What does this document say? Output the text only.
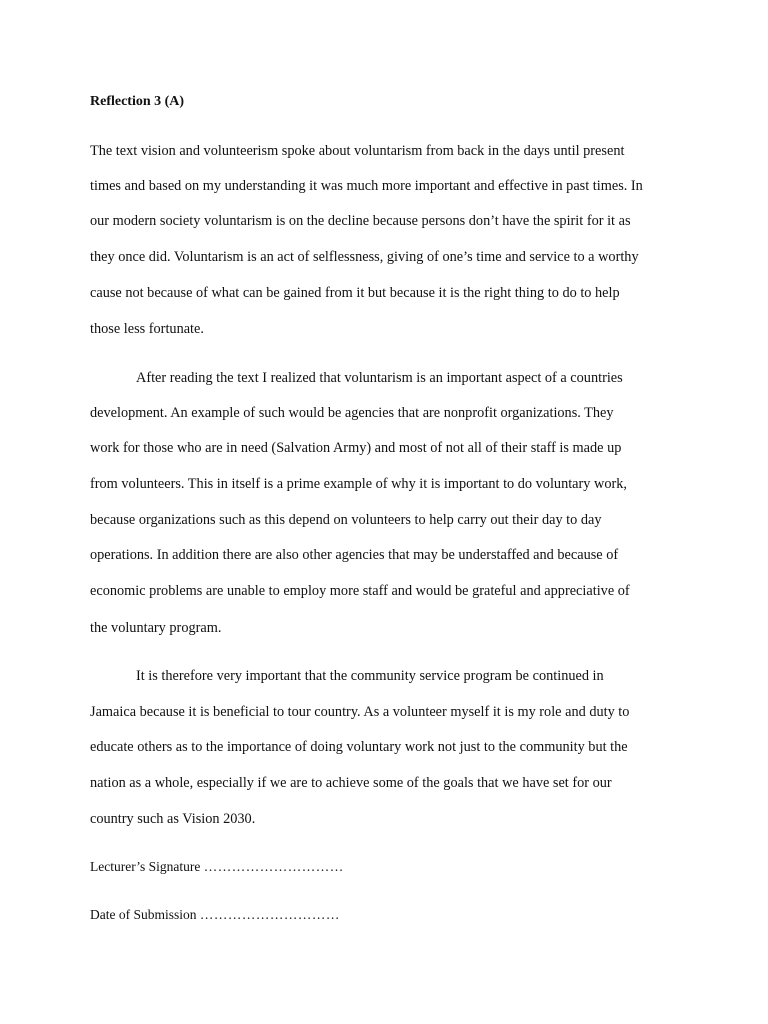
Reflection 3 (A)

The text vision and volunteerism spoke about voluntarism from back in the days until present

times and based on my understanding it was much more important and effective in past times. In

our modern society voluntarism is on the decline because persons don’t have the spirit for it as

they once did. Voluntarism is an act of selflessness, giving of one’s time and service to a worthy

cause not because of what can be gained from it but because it is the right thing to do to help

those less fortunate.

After reading the text I realized that voluntarism is an important aspect of a countries

development. An example of such would be agencies that are nonprofit organizations. They

work for those who are in need (Salvation Army) and most of not all of their staff is made up

from volunteers. This in itself is a prime example of why it is important to do voluntary work,

because organizations such as this depend on volunteers to help carry out their day to day

operations. In addition there are also other agencies that may be understaffed and because of

economic problems are unable to employ more staff and would be grateful and appreciative of

the voluntary program.

It is therefore very important that the community service program be continued in

Jamaica because it is beneficial to tour country. As a volunteer myself it is my role and duty to

educate others as to the importance of doing voluntary work not just to the community but the

nation as a whole, especially if we are to achieve some of the goals that we have set for our

country such as Vision 2030.

Lecturer’s Signature …………………………

Date of Submission …………………………
